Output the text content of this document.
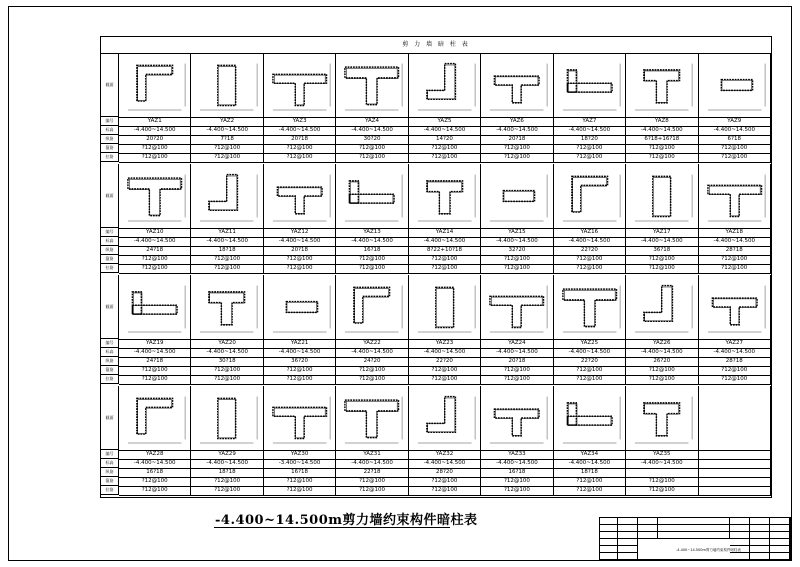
剪 力 墙 暗 柱 表
截面
编号	YAZ1	YAZ2	YAZ3	YAZ4	YAZ5	YAZ6	YAZ7	YAZ8	YAZ9
标高	-4.400~14.500	-4.400~14.500	-4.400~14.500	-4.400~14.500	-4.400~14.500	-4.400~14.500	-4.400~14.500	-4.400~14.500	-4.400~14.500
纵筋	20?20	7?18	20?18	30?20	14?20	20?18	18?20	6?18+16?18	6?18
箍筋	?12@100	?12@100	?12@100	?12@100	?12@100	?12@100	?12@100	?12@100	?12@100
拉筋	?12@100	?12@100	?12@100	?12@100	?12@100	?12@100	?12@100	?12@100	?12@100
截面
编号	YAZ10	YAZ11	YAZ12	YAZ13	YAZ14	YAZ15	YAZ16	YAZ17	YAZ18
标高	-4.400~14.500	-4.400~14.500	-4.400~14.500	-4.400~14.500	-4.400~14.500	-4.400~14.500	-4.400~14.500	-4.400~14.500	-4.400~14.500
纵筋	24?18	18?18	20?18	16?18	8?22+10?18	32?20	22?20	36?18	28?18
箍筋	?12@100	?12@100	?12@100	?12@100	?12@100	?12@100	?12@100	?12@100	?12@100
拉筋	?12@100	?12@100	?12@100	?12@100	?12@100	?12@100	?12@100	?12@100	?12@100
截面
编号	YAZ19	YAZ20	YAZ21	YAZ22	YAZ23	YAZ24	YAZ25	YAZ26	YAZ27
标高	-4.400~14.500	-4.400~14.500	-4.400~14.500	-4.400~14.500	-4.400~14.500	-4.400~14.500	-4.400~14.500	-4.400~14.500	-4.400~14.500
纵筋	24?18	30?18	36?20	24?20	22?20	20?18	22?20	26?20	28?18
箍筋	?12@100	?12@100	?12@100	?12@100	?12@100	?12@100	?12@100	?12@100	?12@100
拉筋	?12@100	?12@100	?12@100	?12@100	?12@100	?12@100	?12@100	?12@100	?12@100
截面
编号	YAZ28	YAZ29	YAZ30	YAZ31	YAZ32	YAZ33	YAZ34	YAZ35
标高	-4.400~14.500	-4.400~14.500	-3.400~14.500	-4.400~14.500	-4.400~14.500	-4.400~14.500	-4.400~14.500	-4.400~14.500
纵筋	16?18	18?18	16?18	22?18	28?20	16?18	18?18
箍筋	?12@100	?12@100	?12@100	?12@100	?12@100	?12@100	?12@100	?12@100
拉筋	?12@100	?12@100	?12@100	?12@100	?12@100	?12@100	?12@100	?12@100
-4.400~14.500m剪力墙约束构件暗柱表
-4.400~14.500m剪力墙约束构件暗柱表
